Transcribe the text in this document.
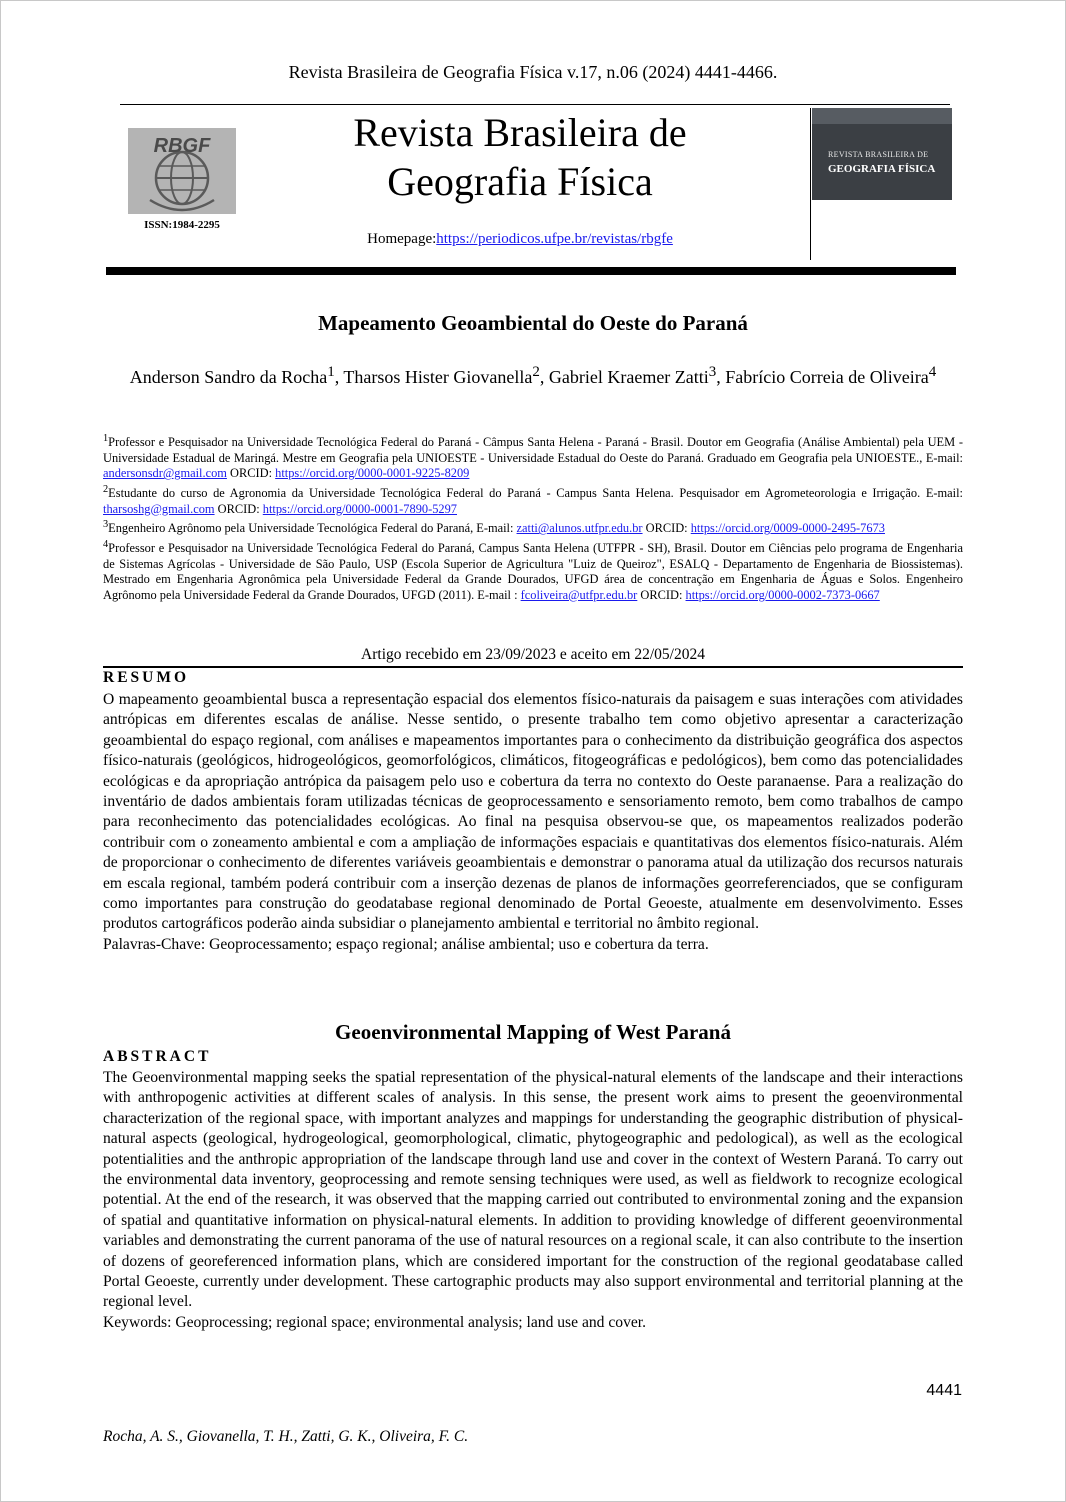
Revista Brasileira de Geografia Física v.17, n.06 (2024) 4441-4466.
RBGF
ISSN:1984-2295
Revista Brasileira de
Geografia Física
Homepage:https://periodicos.ufpe.br/revistas/rbgfe
REVISTA BRASILEIRA DE
GEOGRAFIA FÍSICA
Mapeamento Geoambiental do Oeste do Paraná
Anderson Sandro da Rocha$^1$, Tharsos Hister Giovanella$^2$, Gabriel Kraemer Zatti$^3$, Fabrício Correia de Oliveira$^4$

$^1$Professor e Pesquisador na Universidade Tecnológica Federal do Paraná - Câmpus Santa Helena - Paraná - Brasil. Doutor em Geografia (Análise Ambiental) pela UEM - Universidade Estadual de Maringá. Mestre em Geografia pela UNIOESTE - Universidade Estadual do Oeste do Paraná. Graduado em Geografia pela UNIOESTE., E-mail: andersonsdr@gmail.com ORCID: https://orcid.org/0000-0001-9225-8209

$^2$Estudante do curso de Agronomia da Universidade Tecnológica Federal do Paraná - Campus Santa Helena. Pesquisador em Agrometeorologia e Irrigação. E-mail: tharsoshg@gmail.com ORCID: https://orcid.org/0000-0001-7890-5297

$^3$Engenheiro Agrônomo pela Universidade Tecnológica Federal do Paraná, E-mail: zatti@alunos.utfpr.edu.br ORCID: https://orcid.org/0009-0000-2495-7673

$^4$Professor e Pesquisador na Universidade Tecnológica Federal do Paraná, Campus Santa Helena (UTFPR - SH), Brasil. Doutor em Ciências pelo programa de Engenharia de Sistemas Agrícolas - Universidade de São Paulo, USP (Escola Superior de Agricultura "Luiz de Queiroz", ESALQ - Departamento de Engenharia de Biossistemas). Mestrado em Engenharia Agronômica pela Universidade Federal da Grande Dourados, UFGD área de concentração em Engenharia de Águas e Solos. Engenheiro Agrônomo pela Universidade Federal da Grande Dourados, UFGD (2011). E-mail : fcoliveira@utfpr.edu.br ORCID: https://orcid.org/0000-0002-7373-0667

Artigo recebido em 23/09/2023 e aceito em 22/05/2024
RESUMO

O mapeamento geoambiental busca a representação espacial dos elementos físico-naturais da paisagem e suas interações com atividades antrópicas em diferentes escalas de análise. Nesse sentido, o presente trabalho tem como objetivo apresentar a caracterização geoambiental do espaço regional, com análises e mapeamentos importantes para o conhecimento da distribuição geográfica dos aspectos físico-naturais (geológicos, hidrogeológicos, geomorfológicos, climáticos, fitogeográficas e pedológicos), bem como das potencialidades ecológicas e da apropriação antrópica da paisagem pelo uso e cobertura da terra no contexto do Oeste paranaense. Para a realização do inventário de dados ambientais foram utilizadas técnicas de geoprocessamento e sensoriamento remoto, bem como trabalhos de campo para reconhecimento das potencialidades ecológicas. Ao final na pesquisa observou-se que, os mapeamentos realizados poderão contribuir com o zoneamento ambiental e com a ampliação de informações espaciais e quantitativas dos elementos físico-naturais. Além de proporcionar o conhecimento de diferentes variáveis geoambientais e demonstrar o panorama atual da utilização dos recursos naturais em escala regional, também poderá contribuir com a inserção dezenas de planos de informações georreferenciados, que se configuram como importantes para construção do geodatabase regional denominado de Portal Geoeste, atualmente em desenvolvimento. Esses produtos cartográficos poderão ainda subsidiar o planejamento ambiental e territorial no âmbito regional.

Palavras-Chave: Geoprocessamento; espaço regional; análise ambiental; uso e cobertura da terra.

Geoenvironmental Mapping of West Paraná
ABSTRACT

The Geoenvironmental mapping seeks the spatial representation of the physical-natural elements of the landscape and their interactions with anthropogenic activities at different scales of analysis. In this sense, the present work aims to present the geoenvironmental characterization of the regional space, with important analyzes and mappings for understanding the geographic distribution of physical-natural aspects (geological, hydrogeological, geomorphological, climatic, phytogeographic and pedological), as well as the ecological potentialities and the anthropic appropriation of the landscape through land use and cover in the context of Western Paraná. To carry out the environmental data inventory, geoprocessing and remote sensing techniques were used, as well as fieldwork to recognize ecological potential. At the end of the research, it was observed that the mapping carried out contributed to environmental zoning and the expansion of spatial and quantitative information on physical-natural elements. In addition to providing knowledge of different geoenvironmental variables and demonstrating the current panorama of the use of natural resources on a regional scale, it can also contribute to the insertion of dozens of georeferenced information plans, which are considered important for the construction of the regional geodatabase called Portal Geoeste, currently under development. These cartographic products may also support environmental and territorial planning at the regional level.

Keywords: Geoprocessing; regional space; environmental analysis; land use and cover.

4441
Rocha, A. S., Giovanella, T. H., Zatti, G. K., Oliveira, F. C.
